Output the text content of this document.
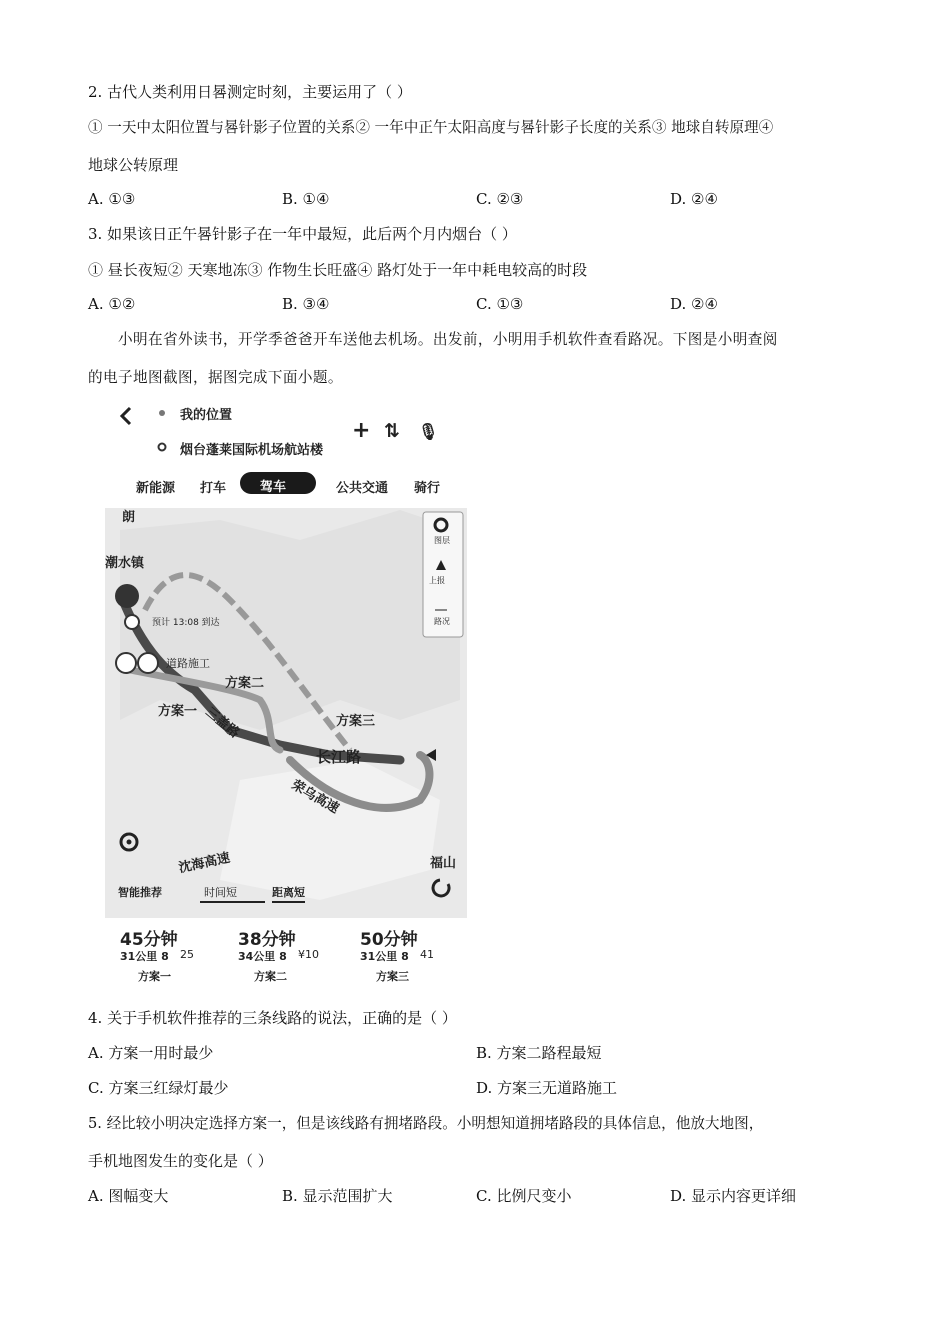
2. 古代人类利用日晷测定时刻，主要运用了（ ）
① 一天中太阳位置与晷针影子位置的关系② 一年中正午太阳高度与晷针影子长度的关系③ 地球自转原理④
地球公转原理
A. ①③	B. ①④	C. ②③	D. ②④
3. 如果该日正午晷针影子在一年中最短，此后两个月内烟台（ ）
① 昼长夜短② 天寒地冻③ 作物生长旺盛④ 路灯处于一年中耗电较高的时段
A. ①②	B. ③④	C. ①③	D. ②④
小明在省外读书，开学季爸爸开车送他去机场。出发前，小明用手机软件查看路况。下图是小明查阅
的电子地图截图，据图完成下面小题。
我的位置
烟台蓬莱国际机场航站楼
+ ⇅ 🎙
新能源 打车	驾车	公共交通 骑行
图层
上报
路况
朗
潮水镇
福山
预计 13:08 到达
道路施工
方案二
方案一
方案三
三盖路
长江路
荣乌高速
沈海高速
智能推荐	时间短	距离短
45分钟
31公里 8 25
方案一
38分钟
34公里 8 ¥10
方案二
50分钟
31公里 8 41
方案三
4. 关于手机软件推荐的三条线路的说法，正确的是（ ）
A. 方案一用时最少	B. 方案二路程最短
C. 方案三红绿灯最少	D. 方案三无道路施工
5. 经比较小明决定选择方案一，但是该线路有拥堵路段。小明想知道拥堵路段的具体信息，他放大地图，
手机地图发生的变化是（ ）
A. 图幅变大	B. 显示范围扩大	C. 比例尺变小	D. 显示内容更详细
